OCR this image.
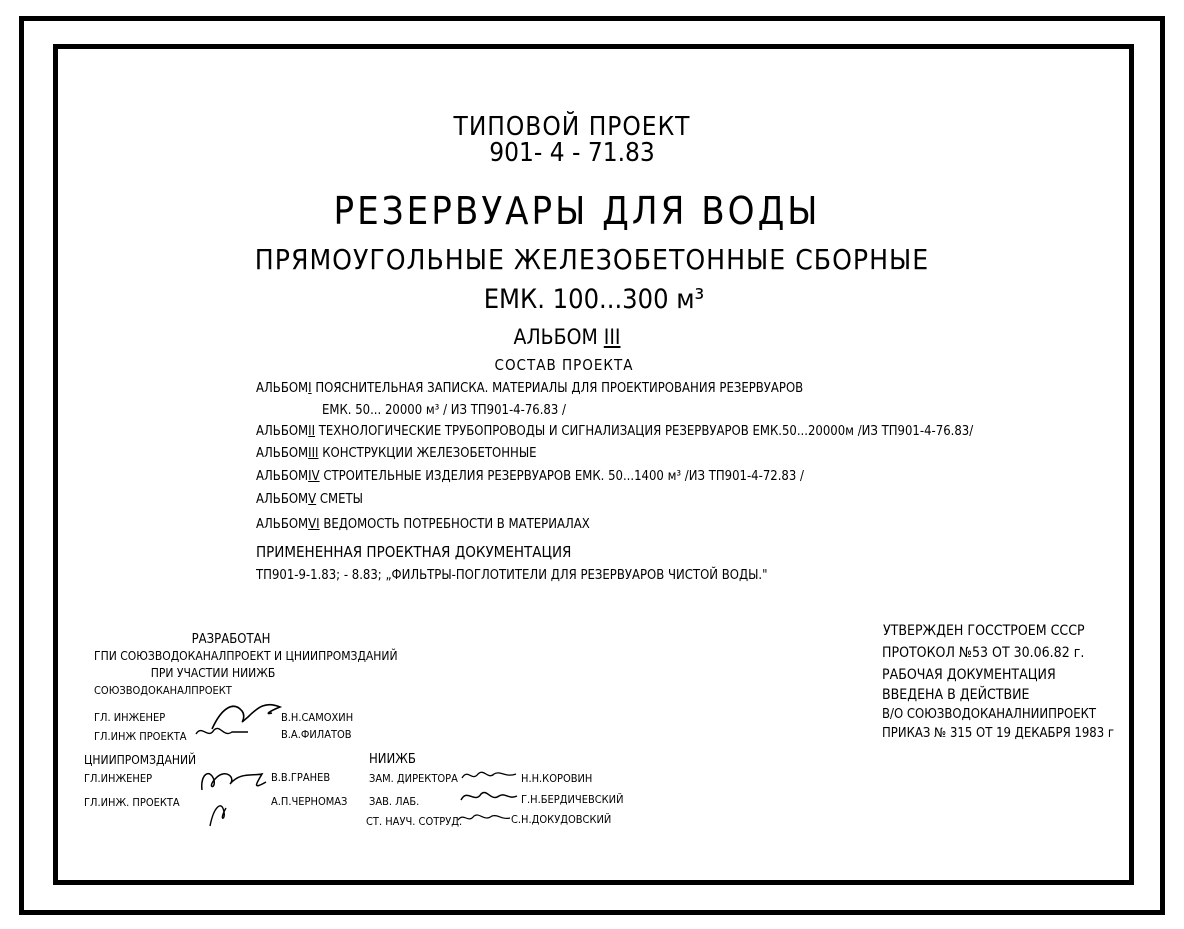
ТИПОВОЙ ПРОЕКТ
901- 4 - 71.83
РЕЗЕРВУАРЫ ДЛЯ ВОДЫ
ПРЯМОУГОЛЬНЫЕ ЖЕЛЕЗОБЕТОННЫЕ СБОРНЫЕ
ЕМК. 100...300 м³
АЛЬБОМ III
СОСТАВ ПРОЕКТА
АЛЬБОМI ПОЯСНИТЕЛЬНАЯ ЗАПИСКА. МАТЕРИАЛЫ ДЛЯ ПРОЕКТИРОВАНИЯ РЕЗЕРВУАРОВ
ЕМК. 50... 20000 м³ / ИЗ ТП901-4-76.83 /
АЛЬБОМII ТЕХНОЛОГИЧЕСКИЕ ТРУБОПРОВОДЫ И СИГНАЛИЗАЦИЯ РЕЗЕРВУАРОВ ЕМК.50...20000м /ИЗ ТП901-4-76.83/
АЛЬБОМIII КОНСТРУКЦИИ ЖЕЛЕЗОБЕТОННЫЕ
АЛЬБОМIV СТРОИТЕЛЬНЫЕ ИЗДЕЛИЯ РЕЗЕРВУАРОВ ЕМК. 50...1400 м³ /ИЗ ТП901-4-72.83 /
АЛЬБОМV СМЕТЫ
АЛЬБОМVI ВЕДОМОСТЬ ПОТРЕБНОСТИ В МАТЕРИАЛАХ
ПРИМЕНЕННАЯ ПРОЕКТНАЯ ДОКУМЕНТАЦИЯ
ТП901-9-1.83; - 8.83; „ФИЛЬТРЫ-ПОГЛОТИТЕЛИ ДЛЯ РЕЗЕРВУАРОВ ЧИСТОЙ ВОДЫ."
РАЗРАБОТАН
ГПИ СОЮЗВОДОКАНАЛПРОЕКТ И ЦНИИПРОМЗДАНИЙ
ПРИ УЧАСТИИ НИИЖБ
СОЮЗВОДОКАНАЛПРОЕКТ
ГЛ. ИНЖЕНЕР	В.Н.САМОХИН
ГЛ.ИНЖ ПРОЕКТА	В.А.ФИЛАТОВ
ЦНИИПРОМЗДАНИЙ
ГЛ.ИНЖЕНЕР	В.В.ГРАНЕВ
ГЛ.ИНЖ. ПРОЕКТА	А.П.ЧЕРНОМАЗ
НИИЖБ
ЗАМ. ДИРЕКТОРА	Н.Н.КОРОВИН
ЗАВ. ЛАБ.	Г.Н.БЕРДИЧЕВСКИЙ
СТ. НАУЧ. СОТРУД.	С.Н.ДОКУДОВСКИЙ
УТВЕРЖДЕН ГОССТРОЕМ СССР
ПРОТОКОЛ №53 ОТ 30.06.82 г.
РАБОЧАЯ ДОКУМЕНТАЦИЯ
ВВЕДЕНА В ДЕЙСТВИЕ
В/О СОЮЗВОДОКАНАЛНИИПРОЕКТ
ПРИКАЗ № 315 ОТ 19 ДЕКАБРЯ 1983 г
